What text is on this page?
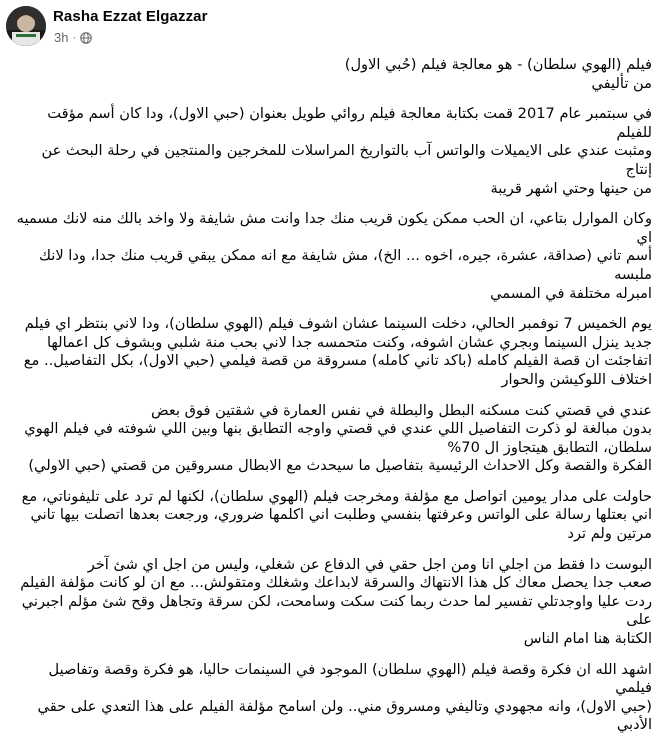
Rasha Ezzat Elgazzar
3h ·

فيلم (الهوي سلطان) - هو معالجة فيلم (حُبي الاول)
من تأليفي

في سبتمبر عام 2017 قمت بكتابة معالجة فيلم روائي طويل بعنوان (حبي الاول)، ودا كان أسم مؤقت للفيلم
ومثبت عندي على الايميلات والواتس آب بالتواريخ المراسلات للمخرجين والمنتجين في رحلة البحث عن إنتاج
من حينها وحتي اشهر قريبة

وكان الموارل بتاعي، ان الحب ممكن يكون قريب منك جدا وانت مش شايفة ولا واخد بالك منه لانك مسميه اي
أسم تاني (صداقة، عشرة، جيره، اخوه ... الخ)، مش شايفة مع انه ممكن يبقي قريب منك جدا، ودا لانك ملبسه
امبرله مختلفة في المسمي

يوم الخميس 7 نوفمبر الحالي، دخلت السينما عشان اشوف فيلم (الهوي سلطان)، ودا لاني بنتظر اي فيلم
جديد ينزل السينما وبجري عشان اشوفه، وكنت متحمسه جدا لاني بحب منة شلبي وبشوف كل اعمالها
اتفاجئت ان قصة الفيلم كامله (باكد تاني كامله) مسروقة من قصة فيلمي (حبي الاول)، بكل التفاصيل.. مع
اختلاف اللوكيشن والحوار

عندي في قصتي كنت مسكنه البطل والبطلة في نفس العمارة في شقتين فوق بعض
بدون مبالغة لو ذكرت التفاصيل اللي عندي في قصتي واوجه التطابق بنها وبين اللي شوفته في فيلم الهوي
سلطان، التطابق هيتجاوز ال 70%
الفكرة والقصة وكل الاحداث الرئيسية بتفاصيل ما سيحدث مع الابطال مسروقين من قصتي (حبي الاولي)

حاولت على مدار يومين اتواصل مع مؤلفة ومخرجت فيلم (الهوي سلطان)، لكنها لم ترد على تليفوناتي، مع
اني بعتلها رسالة على الواتس وعرفتها بنفسي وطلبت اني اكلمها ضروري، ورجعت بعدها اتصلت بيها تاني
مرتين ولم ترد

البوست دا فقط من اجلي انا ومن اجل حقي في الدفاع عن شغلي، وليس من اجل اي شئ آخر
صعب جدا يحصل معاك كل هذا الانتهاك والسرقة لابداعك وشغلك ومتقولش... مع ان لو كانت مؤلفة الفيلم
ردت عليا واوجدتلي تفسير لما حدث ربما كنت سكت وسامحت، لكن سرقة وتجاهل وقح شئ مؤلم اجبرني على
الكتابة هنا امام الناس

اشهد الله ان فكرة وقصة فيلم (الهوي سلطان) الموجود في السينمات حاليا، هو فكرة وقصة وتفاصيل فيلمي
(حبي الاول)، وانه مجهودي وتاليفي ومسروق مني.. ولن اسامح مؤلفة الفيلم على هذا التعدي على حقي
الأدبي
